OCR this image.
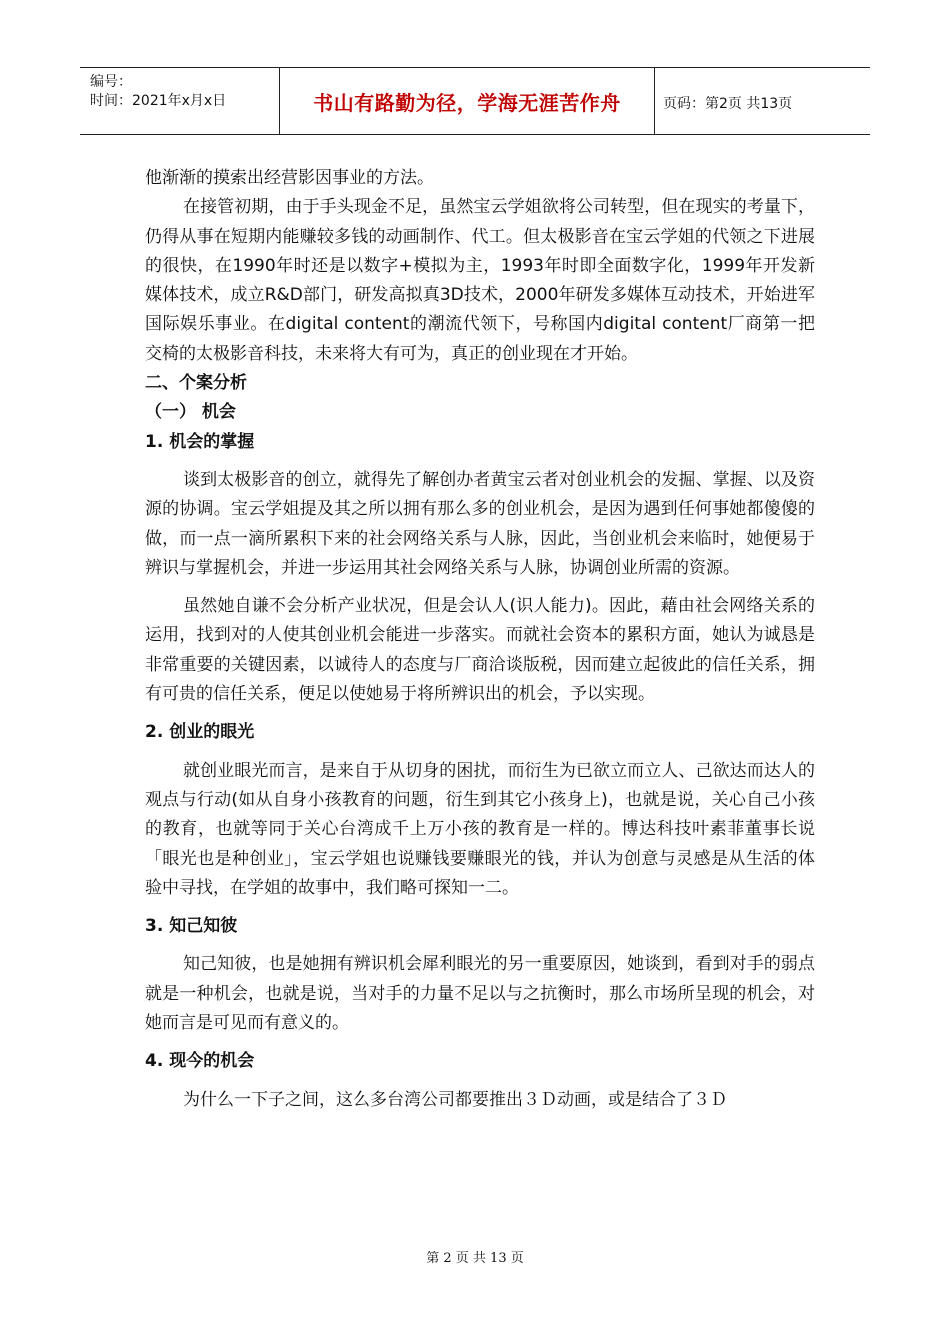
编号：
时间：2021年x月x日	书山有路勤为径，学海无涯苦作舟	页码：第2页 共13页

他渐渐的摸索出经营影因事业的方法。

在接管初期，由于手头现金不足，虽然宝云学姐欲将公司转型，但在现实的考量下，仍得从事在短期内能赚较多钱的动画制作、代工。但太极影音在宝云学姐的代领之下进展的很快，在1990年时还是以数字+模拟为主，1993年时即全面数字化，1999年开发新媒体技术，成立R&D部门，研发高拟真3D技术，2000年研发多媒体互动技术，开始进军国际娱乐事业。在digital content的潮流代领下，号称国内digital content厂商第一把交椅的太极影音科技，未来将大有可为，真正的创业现在才开始。

二、个案分析

（一） 机会

1. 机会的掌握

谈到太极影音的创立，就得先了解创办者黄宝云者对创业机会的发掘、掌握、以及资源的协调。宝云学姐提及其之所以拥有那么多的创业机会，是因为遇到任何事她都傻傻的做，而一点一滴所累积下来的社会网络关系与人脉，因此，当创业机会来临时，她便易于辨识与掌握机会，并进一步运用其社会网络关系与人脉，协调创业所需的资源。

虽然她自谦不会分析产业状况，但是会认人(识人能力)。因此，藉由社会网络关系的运用，找到对的人使其创业机会能进一步落实。而就社会资本的累积方面，她认为诚恳是非常重要的关键因素，以诚待人的态度与厂商洽谈版税，因而建立起彼此的信任关系，拥有可贵的信任关系，便足以使她易于将所辨识出的机会，予以实现。

2. 创业的眼光

就创业眼光而言，是来自于从切身的困扰，而衍生为已欲立而立人、己欲达而达人的观点与行动(如从自身小孩教育的问题，衍生到其它小孩身上)，也就是说，关心自己小孩的教育，也就等同于关心台湾成千上万小孩的教育是一样的。博达科技叶素菲董事长说「眼光也是种创业」，宝云学姐也说赚钱要赚眼光的钱，并认为创意与灵感是从生活的体验中寻找，在学姐的故事中，我们略可探知一二。

3. 知己知彼

知己知彼，也是她拥有辨识机会犀利眼光的另一重要原因，她谈到，看到对手的弱点就是一种机会，也就是说，当对手的力量不足以与之抗衡时，那么市场所呈现的机会，对她而言是可见而有意义的。

4. 现今的机会

为什么一下子之间，这么多台湾公司都要推出３Ｄ动画，或是结合了３Ｄ

第 2 页 共 13 页
